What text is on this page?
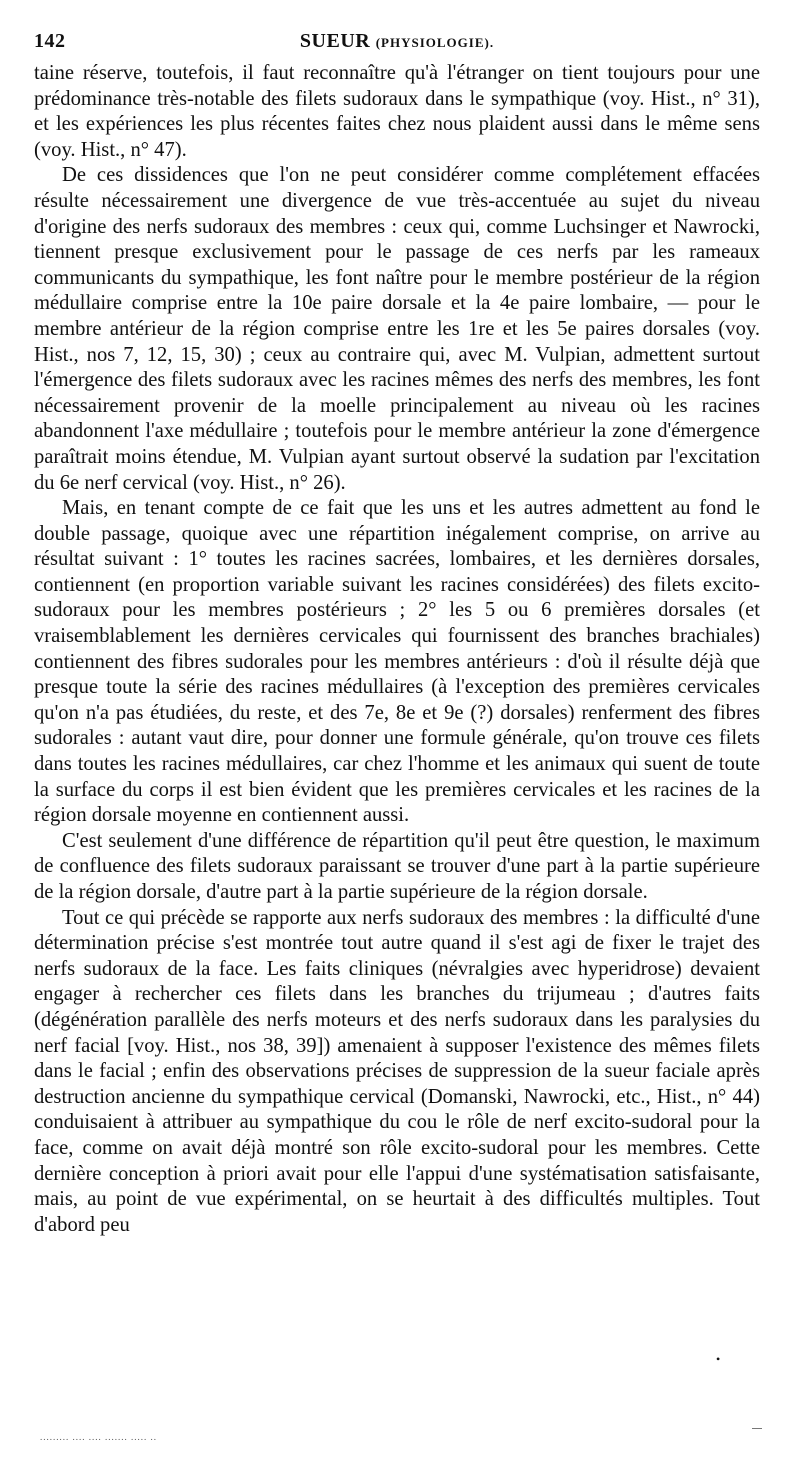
142	SUEUR (PHYSIOLOGIE).

taine réserve, toutefois, il faut reconnaître qu'à l'étranger on tient toujours pour une prédominance très-notable des filets sudoraux dans le sympathique (voy. Hist., n° 31), et les expériences les plus récentes faites chez nous plaident aussi dans le même sens (voy. Hist., n° 47).

De ces dissidences que l'on ne peut considérer comme complétement effacées résulte nécessairement une divergence de vue très-accentuée au sujet du niveau d'origine des nerfs sudoraux des membres : ceux qui, comme Luchsinger et Nawrocki, tiennent presque exclusivement pour le passage de ces nerfs par les rameaux communicants du sympathique, les font naître pour le membre postérieur de la région médullaire comprise entre la 10e paire dorsale et la 4e paire lombaire, — pour le membre antérieur de la région comprise entre les 1re et les 5e paires dorsales (voy. Hist., nos 7, 12, 15, 30) ; ceux au contraire qui, avec M. Vulpian, admettent surtout l'émergence des filets sudoraux avec les racines mêmes des nerfs des membres, les font nécessairement provenir de la moelle principalement au niveau où les racines abandonnent l'axe médullaire ; toutefois pour le membre antérieur la zone d'émergence paraîtrait moins étendue, M. Vulpian ayant surtout observé la sudation par l'excitation du 6e nerf cervical (voy. Hist., n° 26).

Mais, en tenant compte de ce fait que les uns et les autres admettent au fond le double passage, quoique avec une répartition inégalement comprise, on arrive au résultat suivant : 1° toutes les racines sacrées, lombaires, et les dernières dorsales, contiennent (en proportion variable suivant les racines considérées) des filets excito-sudoraux pour les membres postérieurs ; 2° les 5 ou 6 premières dorsales (et vraisemblablement les dernières cervicales qui fournissent des branches brachiales) contiennent des fibres sudorales pour les membres antérieurs : d'où il résulte déjà que presque toute la série des racines médullaires (à l'exception des premières cervicales qu'on n'a pas étudiées, du reste, et des 7e, 8e et 9e (?) dorsales) renferment des fibres sudorales : autant vaut dire, pour donner une formule générale, qu'on trouve ces filets dans toutes les racines médullaires, car chez l'homme et les animaux qui suent de toute la surface du corps il est bien évident que les premières cervicales et les racines de la région dorsale moyenne en contiennent aussi.

C'est seulement d'une différence de répartition qu'il peut être question, le maximum de confluence des filets sudoraux paraissant se trouver d'une part à la partie supérieure de la région dorsale, d'autre part à la partie supérieure de la région dorsale.

Tout ce qui précède se rapporte aux nerfs sudoraux des membres : la difficulté d'une détermination précise s'est montrée tout autre quand il s'est agi de fixer le trajet des nerfs sudoraux de la face. Les faits cliniques (névralgies avec hyperidrose) devaient engager à rechercher ces filets dans les branches du trijumeau ; d'autres faits (dégénération parallèle des nerfs moteurs et des nerfs sudoraux dans les paralysies du nerf facial [voy. Hist., nos 38, 39]) amenaient à supposer l'existence des mêmes filets dans le facial ; enfin des observations précises de suppression de la sueur faciale après destruction ancienne du sympathique cervical (Domanski, Nawrocki, etc., Hist., n° 44) conduisaient à attribuer au sympathique du cou le rôle de nerf excito-sudoral pour la face, comme on avait déjà montré son rôle excito-sudoral pour les membres. Cette dernière conception à priori avait pour elle l'appui d'une systématisation satisfaisante, mais, au point de vue expérimental, on se heurtait à des difficultés multiples. Tout d'abord peu

•
......... .... .... ....... ..... ..
